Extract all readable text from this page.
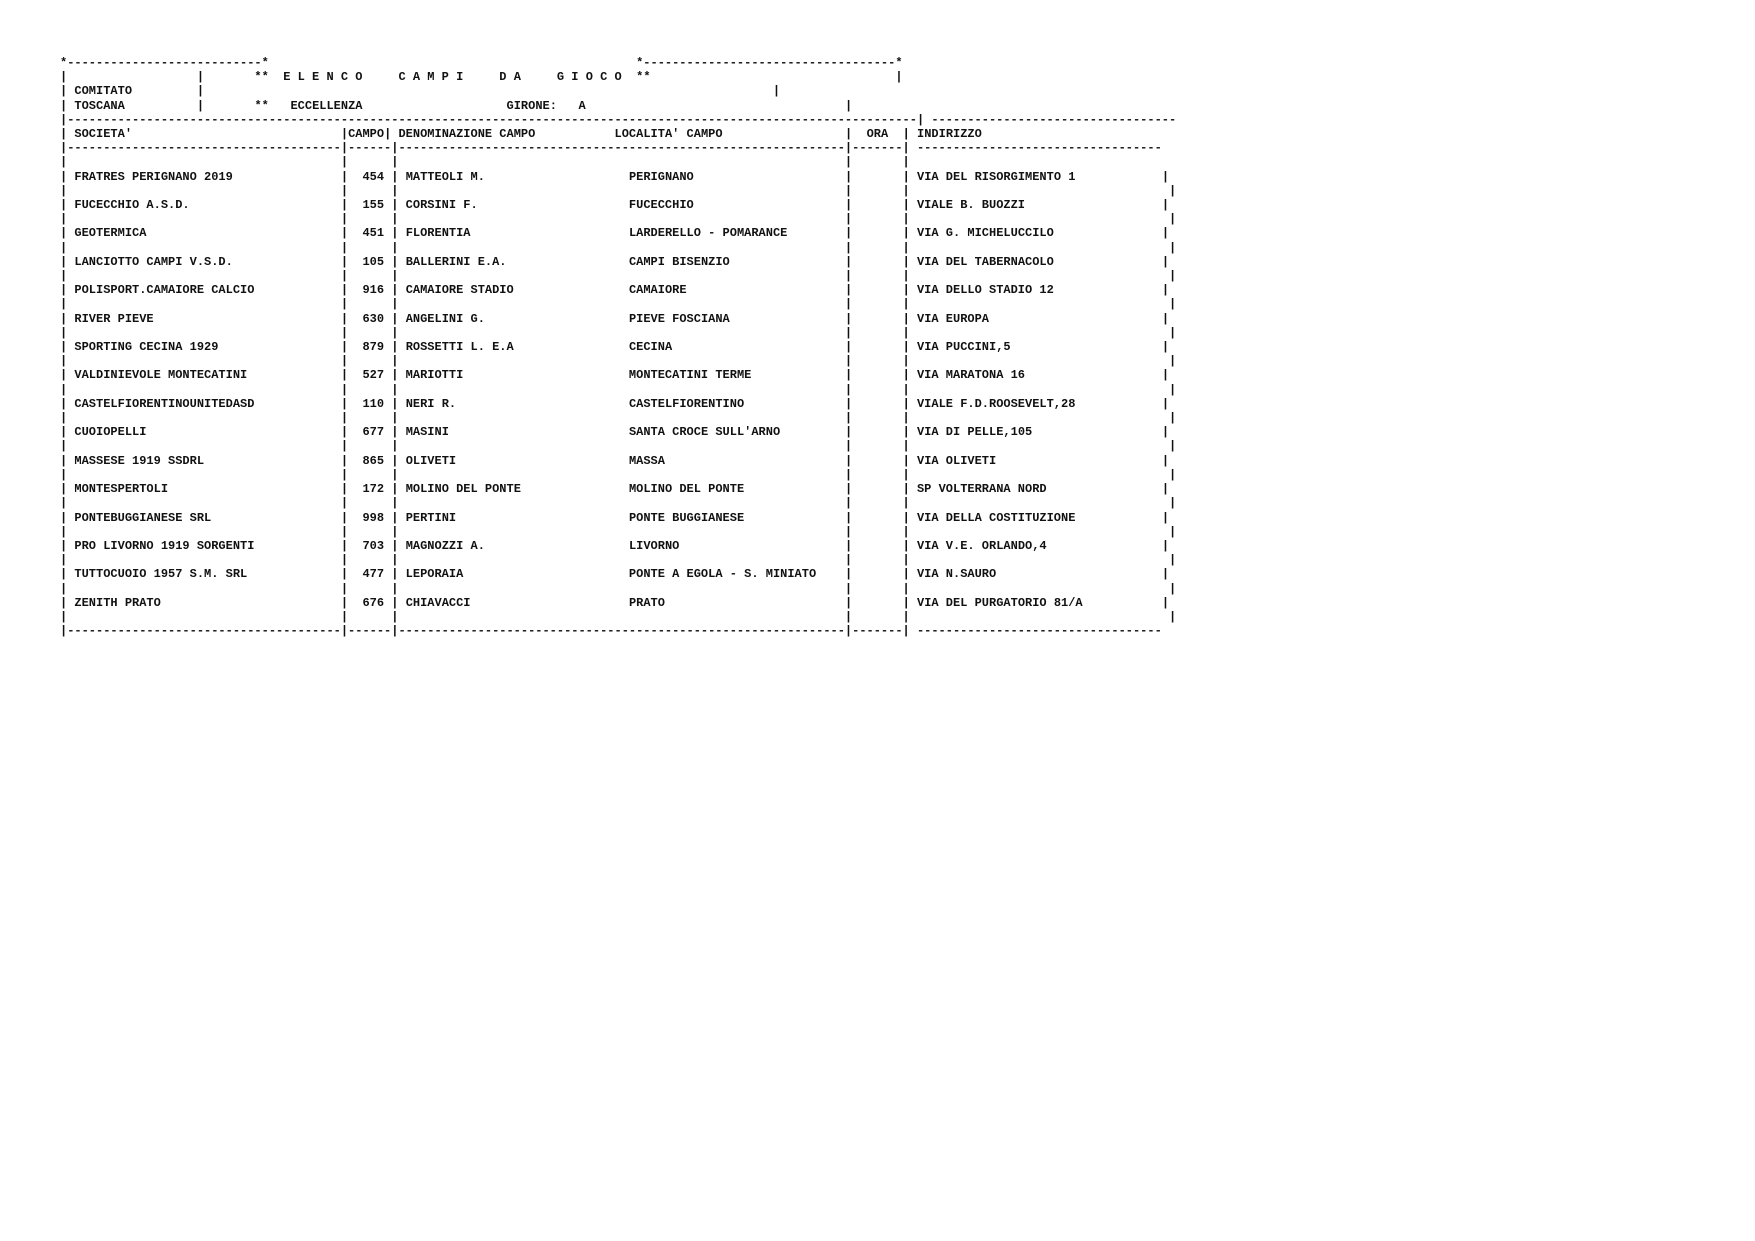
*---------------------------*                                                   *-----------------------------------*
|                  |       **  E L E N C O     C A M P I     D A     G I O C O  **                                  |
| COMITATO         |                                                                               |
| TOSCANA          |       **   ECCELLENZA	GIRONE: A                                    |
|----------------------------------------------------------------------------------------------------------------------| ----------------------------------
| SOCIETA'                             |CAMPO| DENOMINAZIONE CAMPO	LOCALITA' CAMPO                 |  ORA  | INDIRIZZO
|--------------------------------------|------|--------------------------------------------------------------|-------| ----------------------------------
|                                      |      |                                                              |       |
| FRATRES PERIGNANO 2019               |  454 | MATTEOLI M.	PERIGNANO                     |       | VIA DEL RISORGIMENTO 1            |
|                                      |      |                                                              |       |                                    |
| FUCECCHIO A.S.D.                     |  155 | CORSINI F.	FUCECCHIO                     |       | VIALE B. BUOZZI                   |
|                                      |      |                                                              |       |                                    |
| GEOTERMICA                           |  451 | FLORENTIA	LARDERELLO - POMARANCE        |       | VIA G. MICHELUCCILO               |
|                                      |      |                                                              |       |                                    |
| LANCIOTTO CAMPI V.S.D.               |  105 | BALLERINI E.A.	CAMPI BISENZIO                |       | VIA DEL TABERNACOLO               |
|                                      |      |                                                              |       |                                    |
| POLISPORT.CAMAIORE CALCIO            |  916 | CAMAIORE STADIO	CAMAIORE                      |       | VIA DELLO STADIO 12               |
|                                      |      |                                                              |       |                                    |
| RIVER PIEVE                          |  630 | ANGELINI G.	PIEVE FOSCIANA                |       | VIA EUROPA                        |
|                                      |      |                                                              |       |                                    |
| SPORTING CECINA 1929                 |  879 | ROSSETTI L. E.A	CECINA                        |       | VIA PUCCINI,5                     |
|                                      |      |                                                              |       |                                    |
| VALDINIEVOLE MONTECATINI             |  527 | MARIOTTI	MONTECATINI TERME             |       | VIA MARATONA 16                   |
|                                      |      |                                                              |       |                                    |
| CASTELFIORENTINOUNITEDASD            |  110 | NERI R.	CASTELFIORENTINO              |       | VIALE F.D.ROOSEVELT,28            |
|                                      |      |                                                              |       |                                    |
| CUOIOPELLI                           |  677 | MASINI	SANTA CROCE SULL'ARNO         |       | VIA DI PELLE,105                  |
|                                      |      |                                                              |       |                                    |
| MASSESE 1919 SSDRL                   |  865 | OLIVETI	MASSA                         |       | VIA OLIVETI                       |
|                                      |      |                                                              |       |                                    |
| MONTESPERTOLI                        |  172 | MOLINO DEL PONTE	MOLINO DEL PONTE              |       | SP VOLTERRANA NORD                |
|                                      |      |                                                              |       |                                    |
| PONTEBUGGIANESE SRL                  |  998 | PERTINI	PONTE BUGGIANESE              |       | VIA DELLA COSTITUZIONE            |
|                                      |      |                                                              |       |                                    |
| PRO LIVORNO 1919 SORGENTI            |  703 | MAGNOZZI A.	LIVORNO                       |       | VIA V.E. ORLANDO,4                |
|                                      |      |                                                              |       |                                    |
| TUTTOCUOIO 1957 S.M. SRL             |  477 | LEPORAIA	PONTE A EGOLA - S. MINIATO    |       | VIA N.SAURO                       |
|                                      |      |                                                              |       |                                    |
| ZENITH PRATO                         |  676 | CHIAVACCI	PRATO                         |       | VIA DEL PURGATORIO 81/A           |
|                                      |      |                                                              |       |                                    |
|--------------------------------------|------|--------------------------------------------------------------|-------| ----------------------------------
